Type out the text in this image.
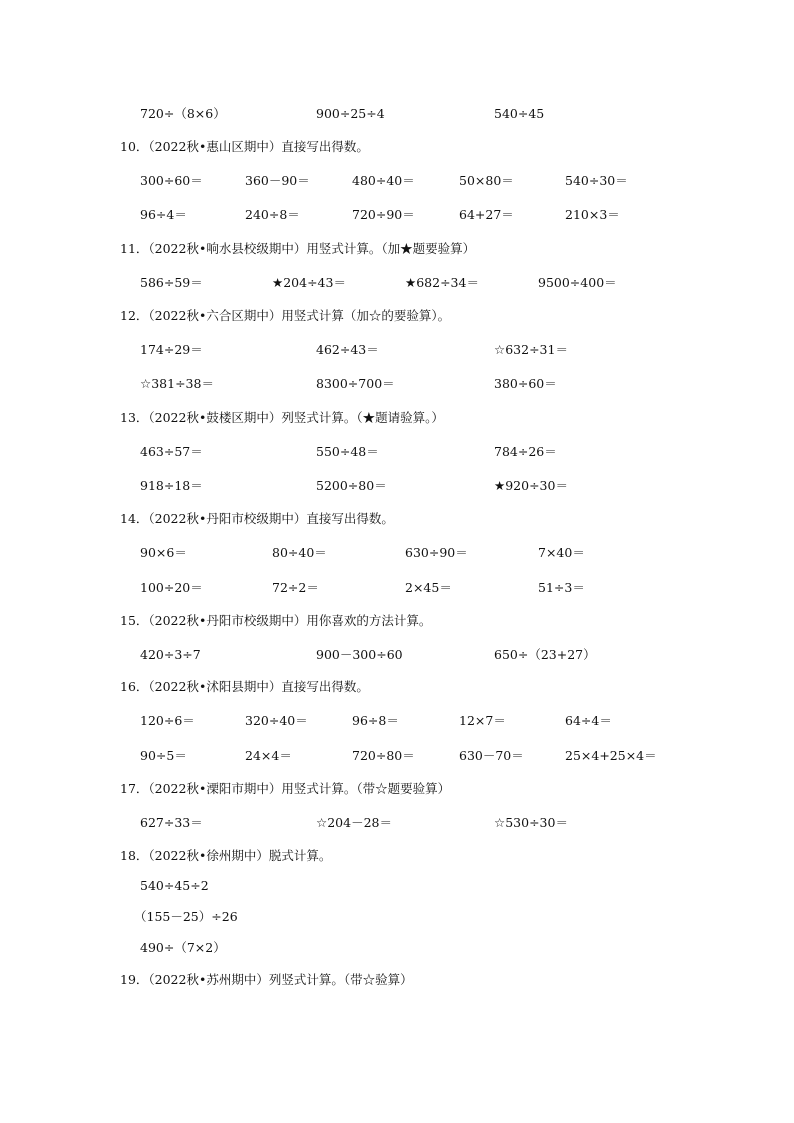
720÷（8×6）	900÷25÷4	540÷45
10．（2022秋•惠山区期中）直接写出得数。
300÷60＝	360－90＝	480÷40＝	50×80＝	540÷30＝
96÷4＝	240÷8＝	720÷90＝	64+27＝	210×3＝
11．（2022秋•响水县校级期中）用竖式计算。（加★题要验算）
586÷59＝	★204÷43＝	★682÷34＝	9500÷400＝
12．（2022秋•六合区期中）用竖式计算（加☆的要验算）。
174÷29＝	462÷43＝	☆632÷31＝
☆381÷38＝	8300÷700＝	380÷60＝
13．（2022秋•鼓楼区期中）列竖式计算。（★题请验算。）
463÷57＝	550÷48＝	784÷26＝
918÷18＝	5200÷80＝	★920÷30＝
14．（2022秋•丹阳市校级期中）直接写出得数。
90×6＝	80÷40＝	630÷90＝	7×40＝
100÷20＝	72÷2＝	2×45＝	51÷3＝
15．（2022秋•丹阳市校级期中）用你喜欢的方法计算。
420÷3÷7	900－300÷60	650÷（23+27）
16．（2022秋•沭阳县期中）直接写出得数。
120÷6＝	320÷40＝	96÷8＝	12×7＝	64÷4＝
90÷5＝	24×4＝	720÷80＝	630－70＝	25×4+25×4＝
17．（2022秋•溧阳市期中）用竖式计算。（带☆题要验算）
627÷33＝	☆204－28＝	☆530÷30＝
18．（2022秋•徐州期中）脱式计算。
540÷45÷2
（155－25）÷26
490÷（7×2）
19．（2022秋•苏州期中）列竖式计算。（带☆验算）
